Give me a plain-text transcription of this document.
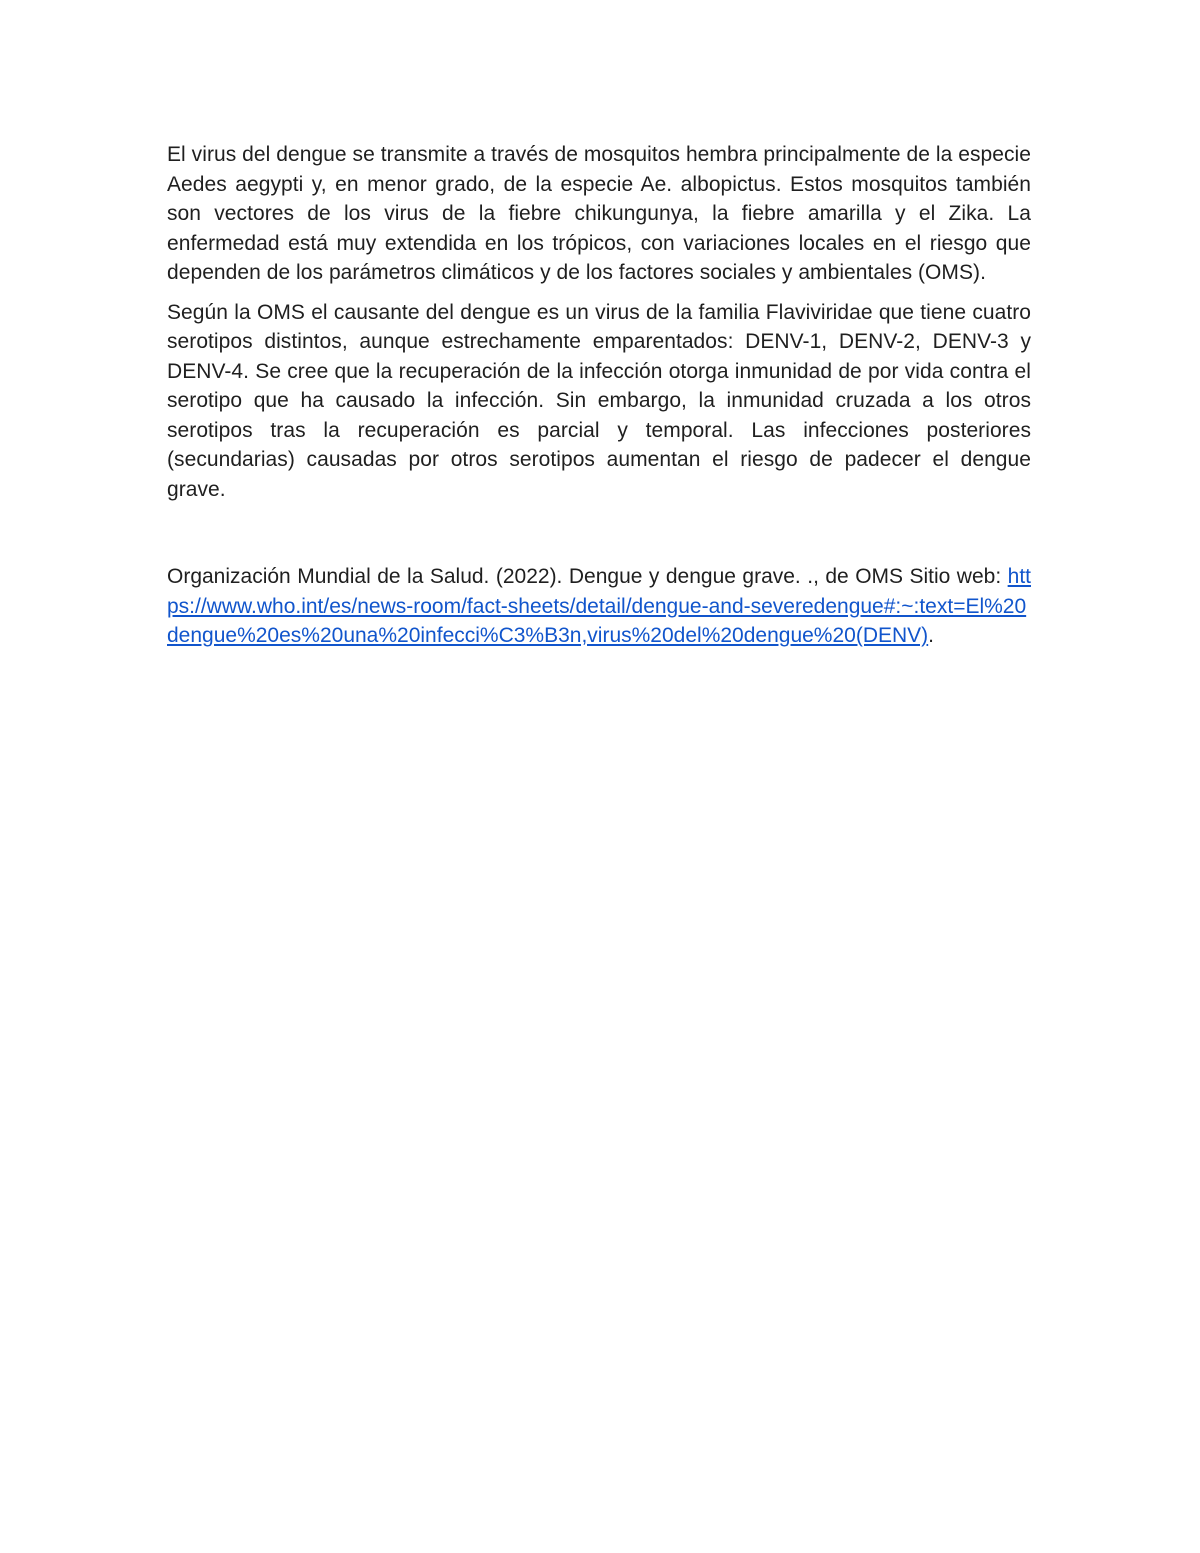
El virus del dengue se transmite a través de mosquitos hembra principalmente de la especie Aedes aegypti y, en menor grado, de la especie Ae. albopictus. Estos mosquitos también son vectores de los virus de la fiebre chikungunya, la fiebre amarilla y el Zika. La enfermedad está muy extendida en los trópicos, con variaciones locales en el riesgo que dependen de los parámetros climáticos y de los factores sociales y ambientales (OMS).

Según la OMS el causante del dengue es un virus de la familia Flaviviridae que tiene cuatro serotipos distintos, aunque estrechamente emparentados: DENV-1, DENV-2, DENV-3 y DENV-4. Se cree que la recuperación de la infección otorga inmunidad de por vida contra el serotipo que ha causado la infección. Sin embargo, la inmunidad cruzada a los otros serotipos tras la recuperación es parcial y temporal. Las infecciones posteriores (secundarias) causadas por otros serotipos aumentan el riesgo de padecer el dengue grave.

Organización Mundial de la Salud. (2022). Dengue y dengue grave. ., de OMS Sitio web: https://www.who.int/es/news-room/fact-sheets/detail/dengue-and-severedengue#:~:text=El%20dengue%20es%20una%20infecci%C3%B3n,virus%20del%20dengue%20(DENV).
